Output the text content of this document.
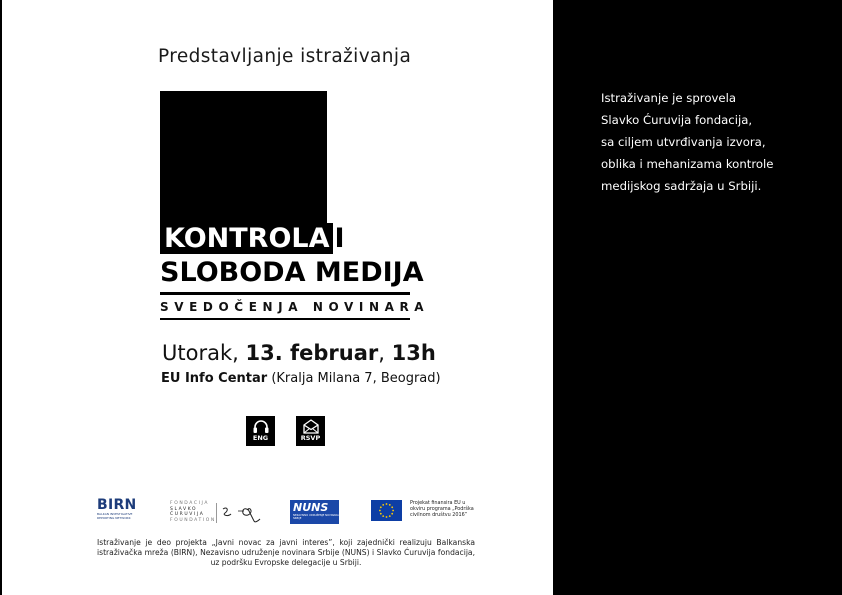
Predstavljanje istraživanja
KONTROLA I
SLOBODA MEDIJA
SVEDOČENJA NOVINARA
Utorak, 13. februar, 13h
EU Info Centar (Kralja Milana 7, Beograd)
ENG	RSVP
BIRN
BALKAN INVESTIGATIVE REPORTING NETWORK
FONDACIJA
SLAVKO
ĆURUVIJA
FOUNDATION
NUNS
NEZAVISNO UDRUŽENJE NOVINARA SRBIJE
Projekat finansira EU u okviru programa „Podrška civilnom društvu 2016”
Istraživanje je deo projekta „Javni novac za javni interes”, koji zajednički realizuju Balkanska istraživačka mreža (BIRN), Nezavisno udruženje novinara Srbije (NUNS) i Slavko Ćuruvija fondacija, uz podršku Evropske delegacije u Srbiji.
Istraživanje je sprovela
Slavko Ćuruvija fondacija,
sa ciljem utvrđivanja izvora,
oblika i mehanizama kontrole
medijskog sadržaja u Srbiji.
